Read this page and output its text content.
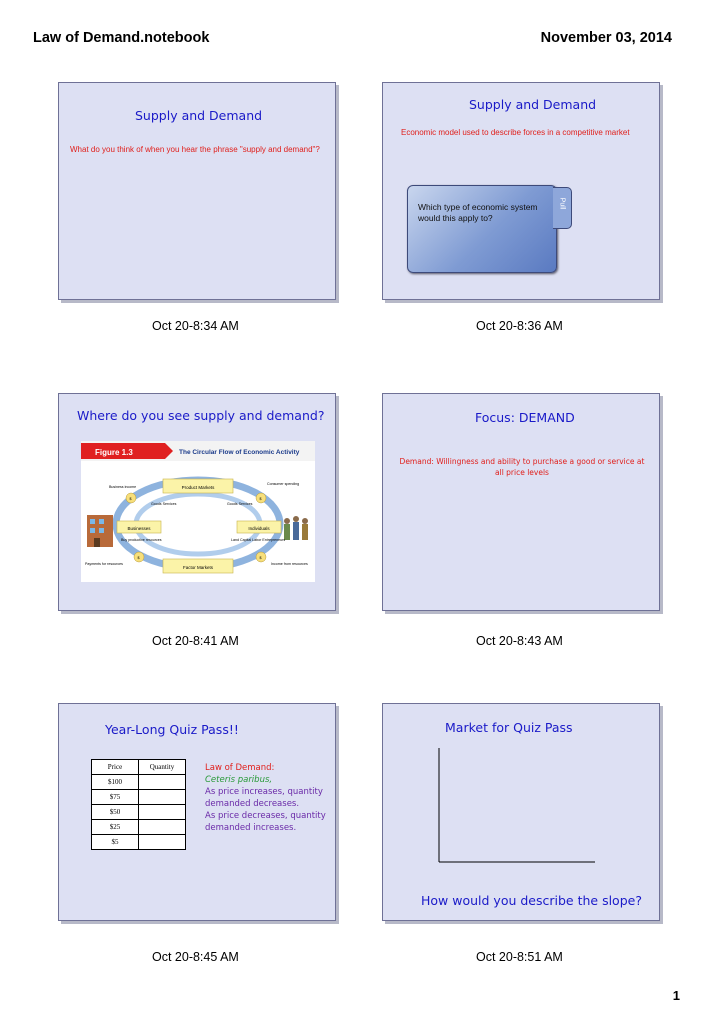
Law of Demand.notebook	November 03, 2014
Supply and Demand
What do you think of when you hear the phrase "supply and demand"?
Oct 20-8:34 AM
Supply and Demand
Economic model used to describe forces in a competitive market
Which type of economic system would this apply to?
Pull
Oct 20-8:36 AM
Where do you see supply and demand?
Figure 1.3	The Circular Flow of Economic Activity
Product Markets
Factor Markets
Businesses	Individuals
$	$
$	$
Business income
Consumer spending
Goods Services	Goods Services
Buy productive resources	Land Capital Labor Entrepreneurs
Payments for resources	Income from resources
Oct 20-8:41 AM
Focus: DEMAND
Demand: Willingness and ability to purchase a good or service at all price levels
Oct 20-8:43 AM
Year-Long Quiz Pass!!
Price	Quantity
$100	
$75	
$50	
$25	
$5	
Law of Demand:
Ceteris paribus,
As price increases, quantity demanded decreases.
As price decreases, quantity demanded increases.
Oct 20-8:45 AM
Market for Quiz Pass
How would you describe the slope?
Oct 20-8:51 AM
1
